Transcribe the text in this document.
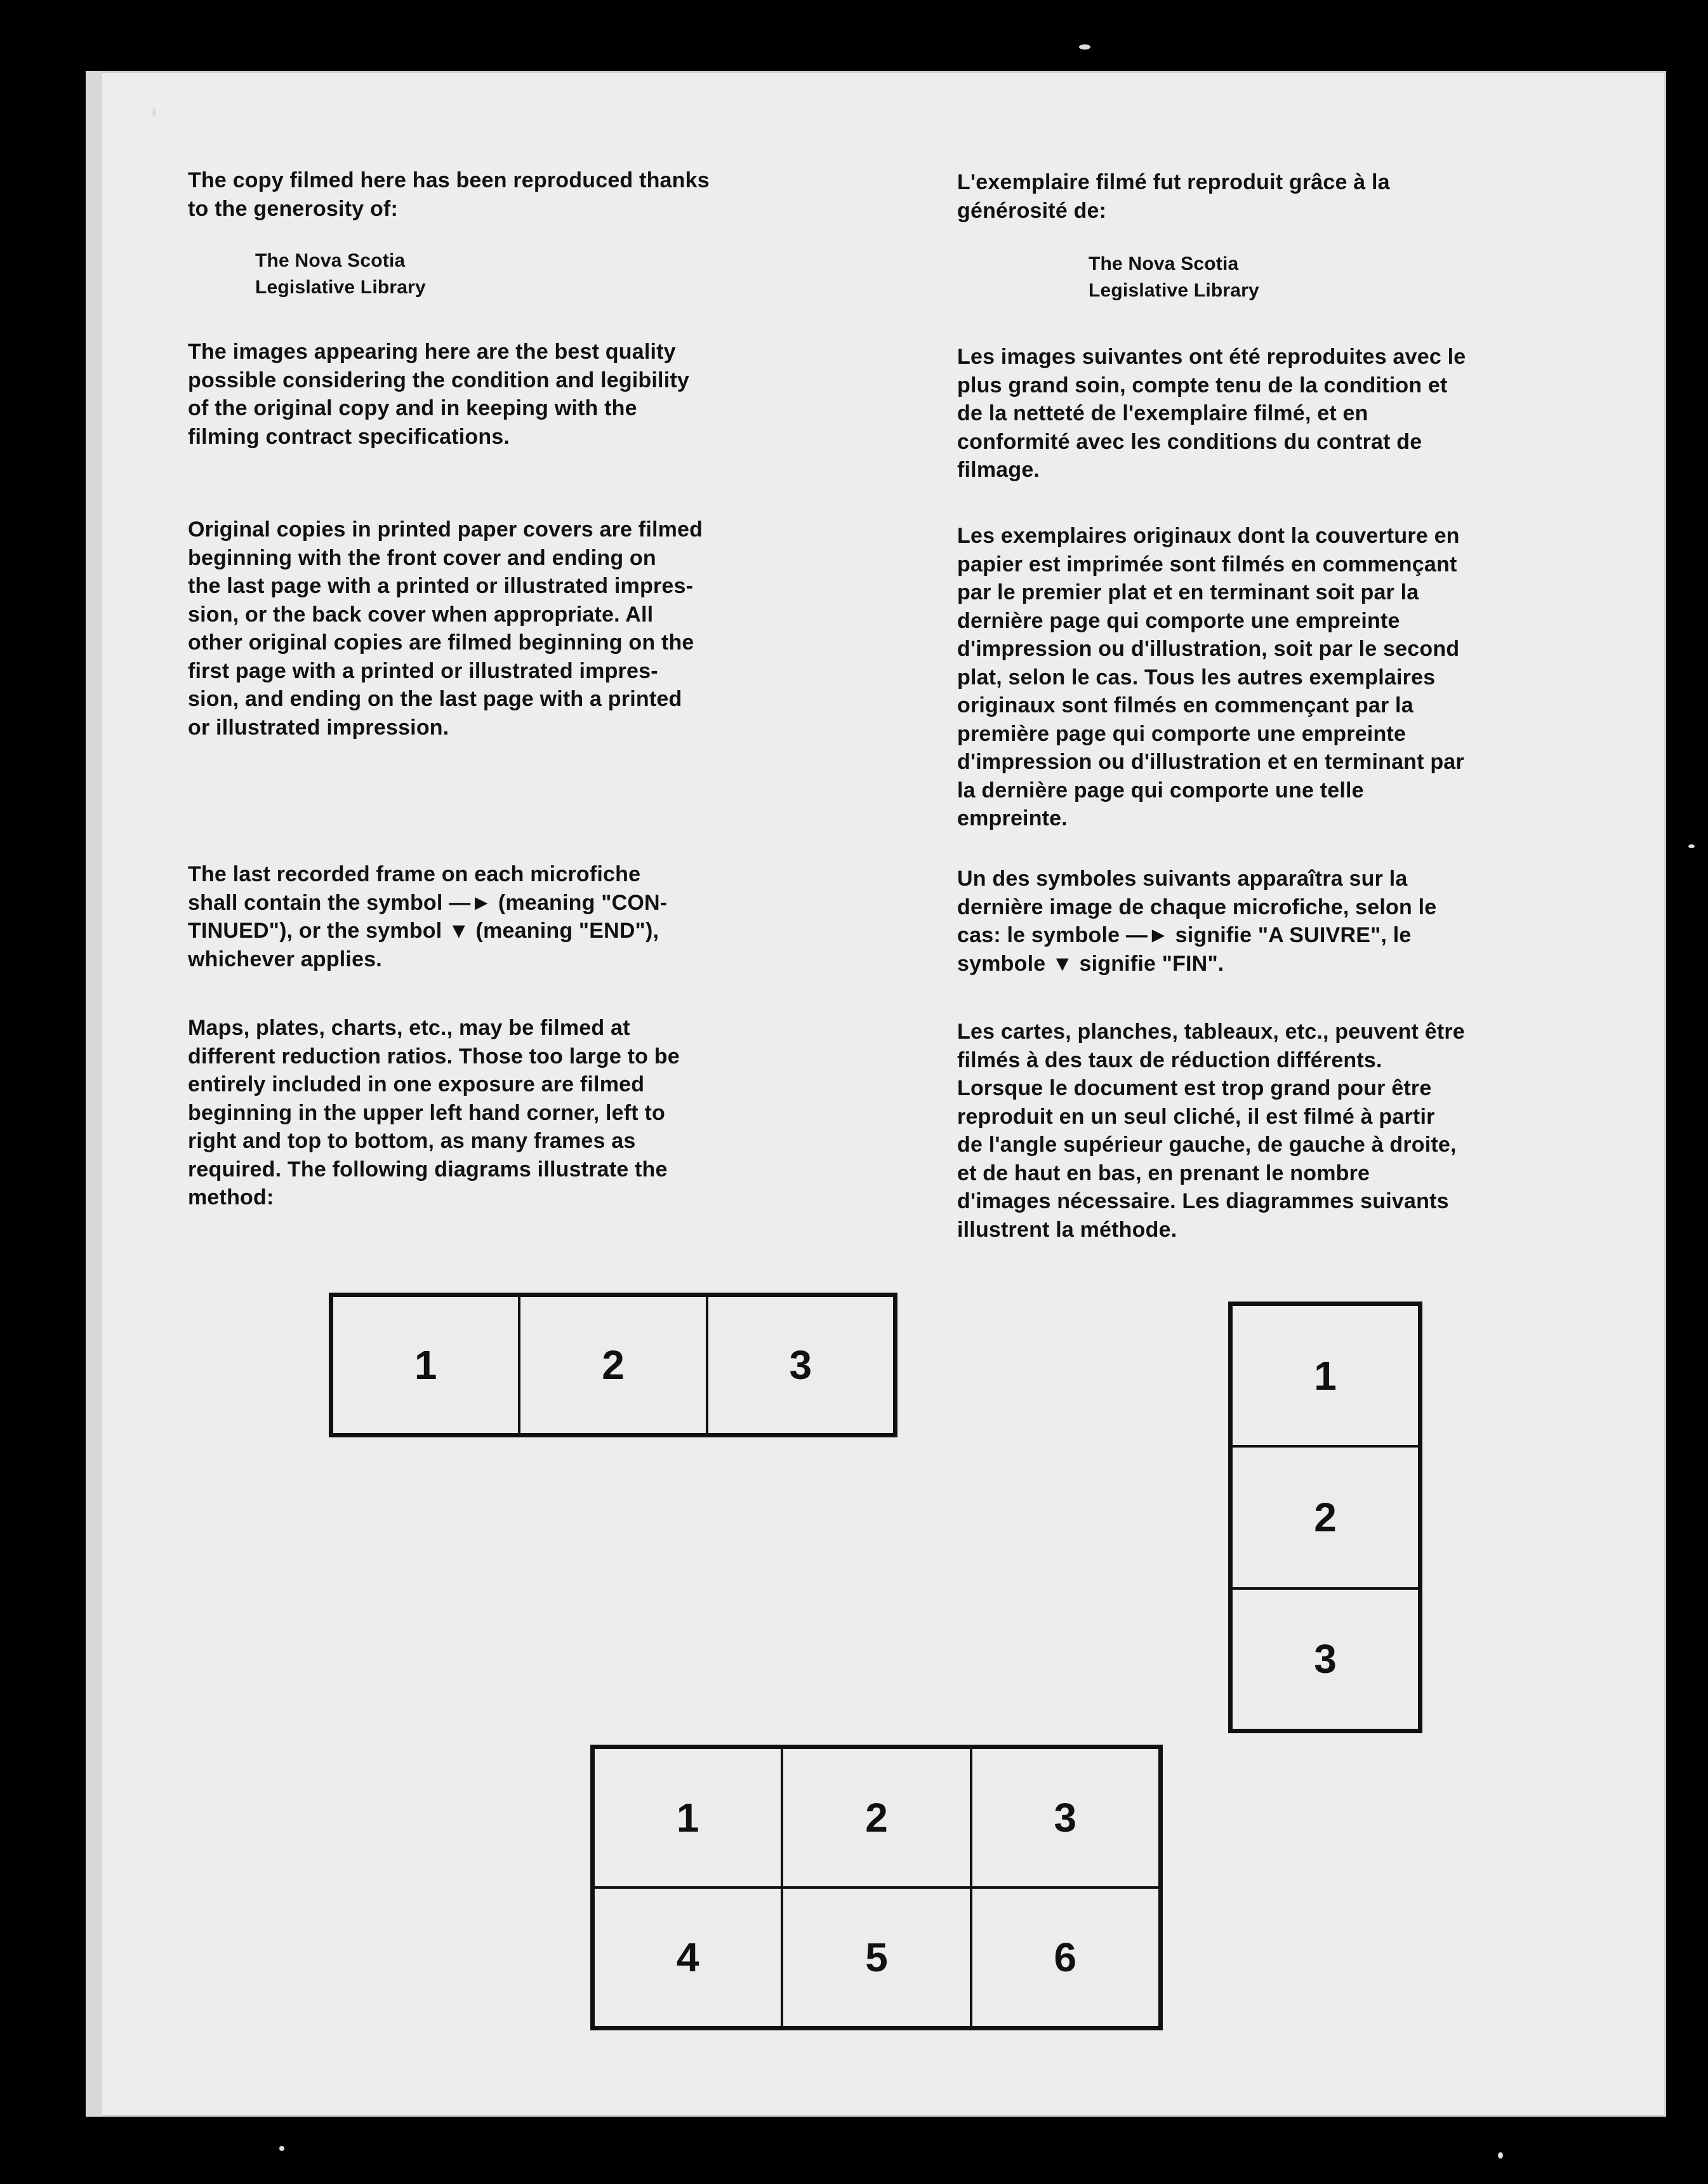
The copy filmed here has been reproduced thanks
to the generosity of:

The Nova Scotia
Legislative Library

The images appearing here are the best quality
possible considering the condition and legibility
of the original copy and in keeping with the
filming contract specifications.

Original copies in printed paper covers are filmed
beginning with the front cover and ending on
the last page with a printed or illustrated impres-
sion, or the back cover when appropriate. All
other original copies are filmed beginning on the
first page with a printed or illustrated impres-
sion, and ending on the last page with a printed
or illustrated impression.

The last recorded frame on each microfiche
shall contain the symbol —► (meaning "CON-
TINUED"), or the symbol ▼ (meaning "END"),
whichever applies.

Maps, plates, charts, etc., may be filmed at
different reduction ratios. Those too large to be
entirely included in one exposure are filmed
beginning in the upper left hand corner, left to
right and top to bottom, as many frames as
required. The following diagrams illustrate the
method:

L'exemplaire filmé fut reproduit grâce à la
générosité de:

The Nova Scotia
Legislative Library

Les images suivantes ont été reproduites avec le
plus grand soin, compte tenu de la condition et
de la netteté de l'exemplaire filmé, et en
conformité avec les conditions du contrat de
filmage.

Les exemplaires originaux dont la couverture en
papier est imprimée sont filmés en commençant
par le premier plat et en terminant soit par la
dernière page qui comporte une empreinte
d'impression ou d'illustration, soit par le second
plat, selon le cas. Tous les autres exemplaires
originaux sont filmés en commençant par la
première page qui comporte une empreinte
d'impression ou d'illustration et en terminant par
la dernière page qui comporte une telle
empreinte.

Un des symboles suivants apparaîtra sur la
dernière image de chaque microfiche, selon le
cas: le symbole —► signifie "A SUIVRE", le
symbole ▼ signifie "FIN".

Les cartes, planches, tableaux, etc., peuvent être
filmés à des taux de réduction différents.
Lorsque le document est trop grand pour être
reproduit en un seul cliché, il est filmé à partir
de l'angle supérieur gauche, de gauche à droite,
et de haut en bas, en prenant le nombre
d'images nécessaire. Les diagrammes suivants
illustrent la méthode.

1	2	3	1
2
3
1	2	3
4	5	6
